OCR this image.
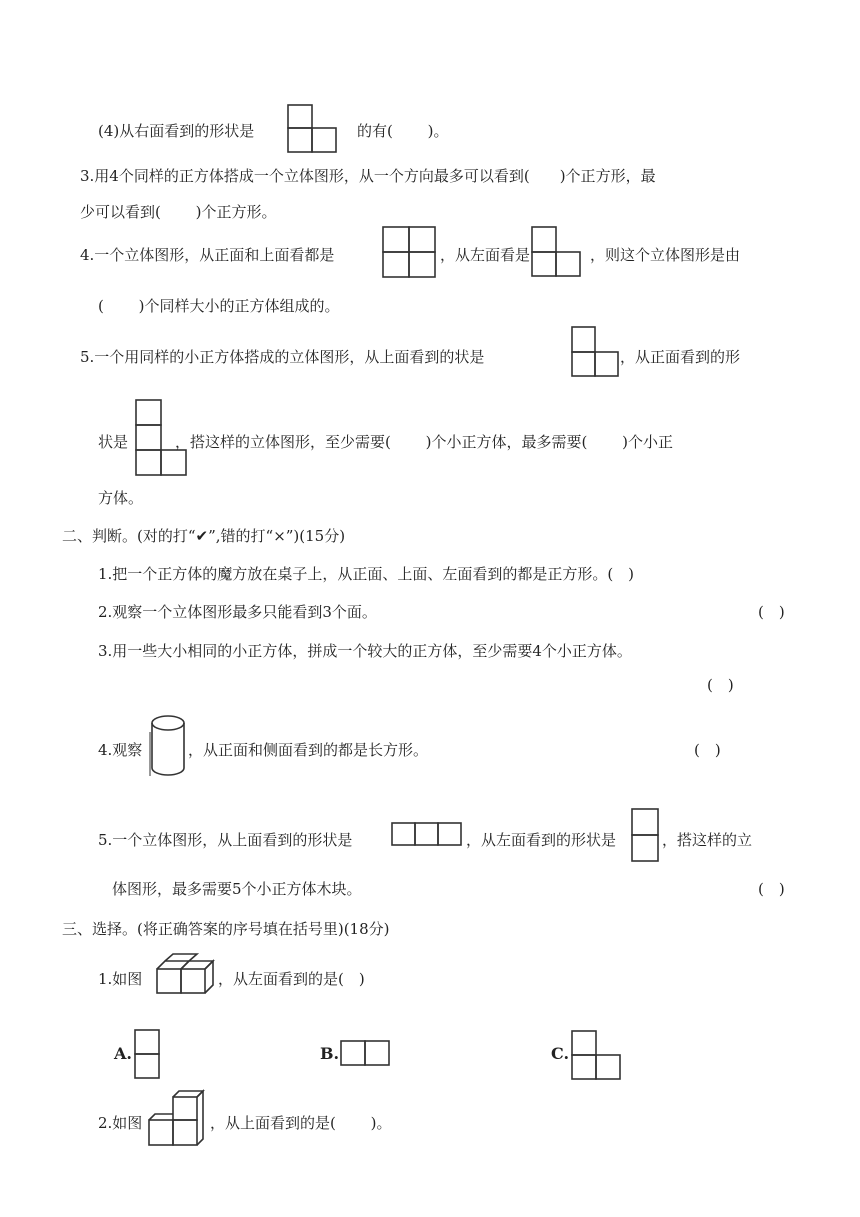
(4)从右面看到的形状是	的有(　　 )。
3.用4个同样的正方体搭成一个立体图形，从一个方向最多可以看到(　　)个正方形，最
少可以看到(　　 )个正方形。
4.一个立体图形，从正面和上面看都是	，从左面看是	，则这个立体图形是由
(　　 )个同样大小的正方体组成的。
5.一个用同样的小正方体搭成的立体图形，从上面看到的状是	，从正面看到的形
状是	，搭这样的立体图形，至少需要(　　 )个小正方体，最多需要(　　 )个小正
方体。
二、判断。(对的打“✔”,错的打“×”)(15分)
1.把一个正方体的魔方放在桌子上，从正面、上面、左面看到的都是正方形。(　)
2.观察一个立体图形最多只能看到3个面。	(　)
3.用一些大小相同的小正方体，拼成一个较大的正方体，至少需要4个小正方体。
(　)
4.观察	，从正面和侧面看到的都是长方形。	(　)
5.一个立体图形，从上面看到的形状是	，从左面看到的形状是	，搭这样的立
体图形，最多需要5个小正方体木块。	(　)
三、选择。(将正确答案的序号填在括号里)(18分)
1.如图	，从左面看到的是(　)
A.	B.	C.
2.如图	，从上面看到的是(　　 )。
